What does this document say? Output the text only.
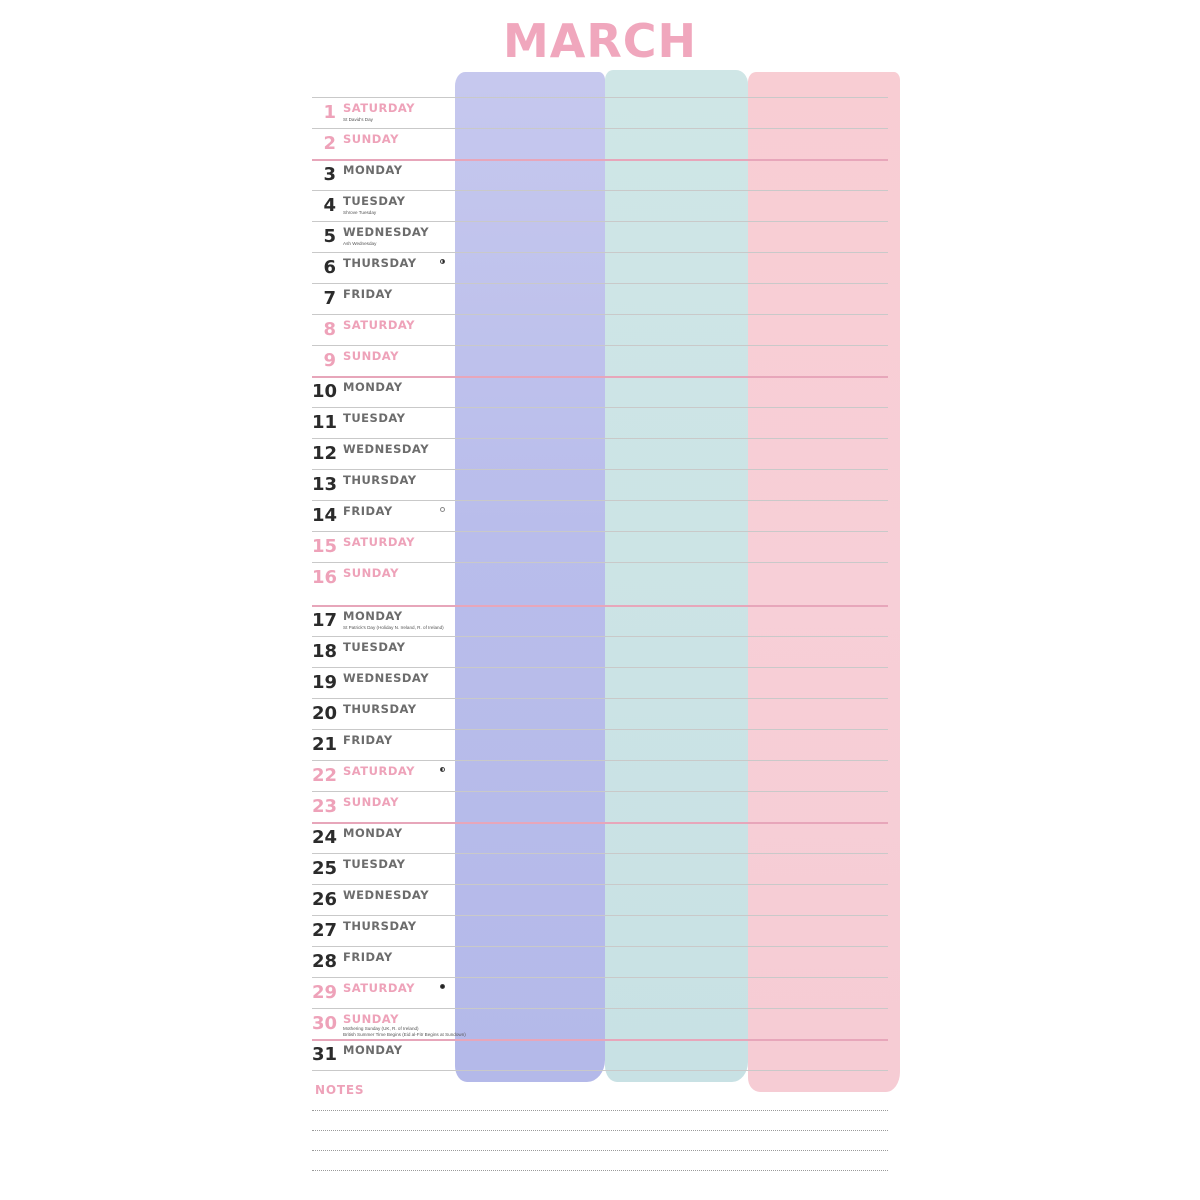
MARCH
1 SATURDAY
St David's Day
2 SUNDAY
3 MONDAY
4 TUESDAY
Shrove Tuesday
5 WEDNESDAY
Ash Wednesday
6 THURSDAY
7 FRIDAY
8 SATURDAY
9 SUNDAY
10 MONDAY
11 TUESDAY
12 WEDNESDAY
13 THURSDAY
14 FRIDAY
15 SATURDAY
16 SUNDAY
17 MONDAY
St Patrick's Day (Holiday N. Ireland, R. of Ireland)
18 TUESDAY
19 WEDNESDAY
20 THURSDAY
21 FRIDAY
22 SATURDAY
23 SUNDAY
24 MONDAY
25 TUESDAY
26 WEDNESDAY
27 THURSDAY
28 FRIDAY
29 SATURDAY
30 SUNDAY
Mothering Sunday (UK, R. of Ireland)
British Summer Time Begins (Eid al-Fitr Begins at Sundown)
31 MONDAY
NOTES
